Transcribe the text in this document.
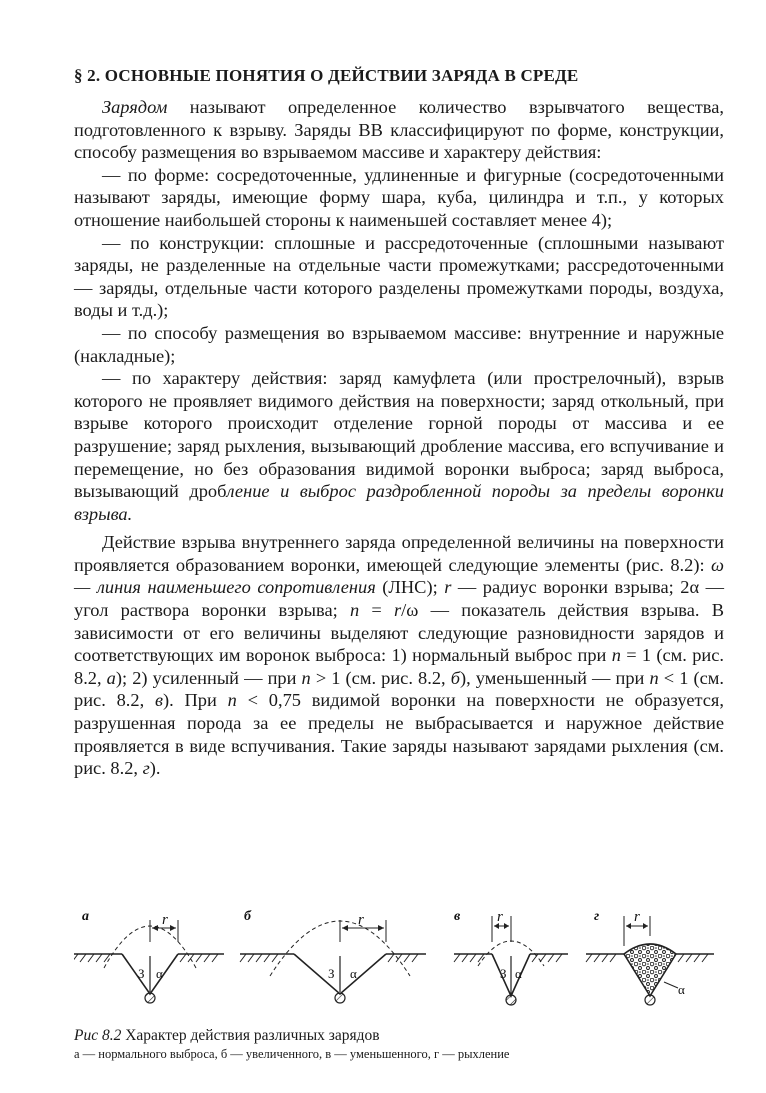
§ 2. ОСНОВНЫЕ ПОНЯТИЯ О ДЕЙСТВИИ ЗАРЯДА В СРЕДЕ

Зарядом называют определенное количество взрывчатого вещества, подготовленного к взрыву. Заряды ВВ классифицируют по форме, конструкции, способу размещения во взрываемом массиве и характеру действия:

— по форме: сосредоточенные, удлиненные и фигурные (сосредоточенными называют заряды, имеющие форму шара, куба, цилиндра и т.п., у которых отношение наибольшей стороны к наименьшей составляет менее 4);

— по конструкции: сплошные и рассредоточенные (сплошными называют заряды, не разделенные на отдельные части промежутками; рассредоточенными — заряды, отдельные части которого разделены промежутками породы, воздуха, воды и т.д.);

— по способу размещения во взрываемом массиве: внутренние и наружные (накладные);

— по характеру действия: заряд камуфлета (или прострелочный), взрыв которого не проявляет видимого действия на поверхности; заряд откольный, при взрыве которого происходит отделение горной породы от массива и ее разрушение; заряд рыхления, вызывающий дробление массива, его вспучивание и перемещение, но без образования видимой воронки выброса; заряд выброса, вызывающий дробление и выброс раздробленной породы за пределы воронки взрыва.

Действие взрыва внутреннего заряда определенной величины на поверхности проявляется образованием воронки, имеющей следующие элементы (рис. 8.2): ω — линия наименьшего сопротивления (ЛНС); r — радиус воронки взрыва; 2α — угол раствора воронки взрыва; n = r/ω — показатель действия взрыва. В зависимости от его величины выделяют следующие разновидности зарядов и соответствующих им воронок выброса: 1) нормальный выброс при n = 1 (см. рис. 8.2, а); 2) усиленный — при n > 1 (см. рис. 8.2, б), уменьшенный — при n < 1 (см. рис. 8.2, в). При n < 0,75 видимой воронки на поверхности не образуется, разрушенная порода за ее пределы не выбрасывается и наружное действие проявляется в виде вспучивания. Такие заряды называют зарядами рыхления (см. рис. 8.2, г).

а	r
З α
б	r
З α
в r
З α
г r
α
Рис 8.2 Характер действия различных зарядов
а — нормального выброса, б — увеличенного, в — уменьшенного, г — рыхление
